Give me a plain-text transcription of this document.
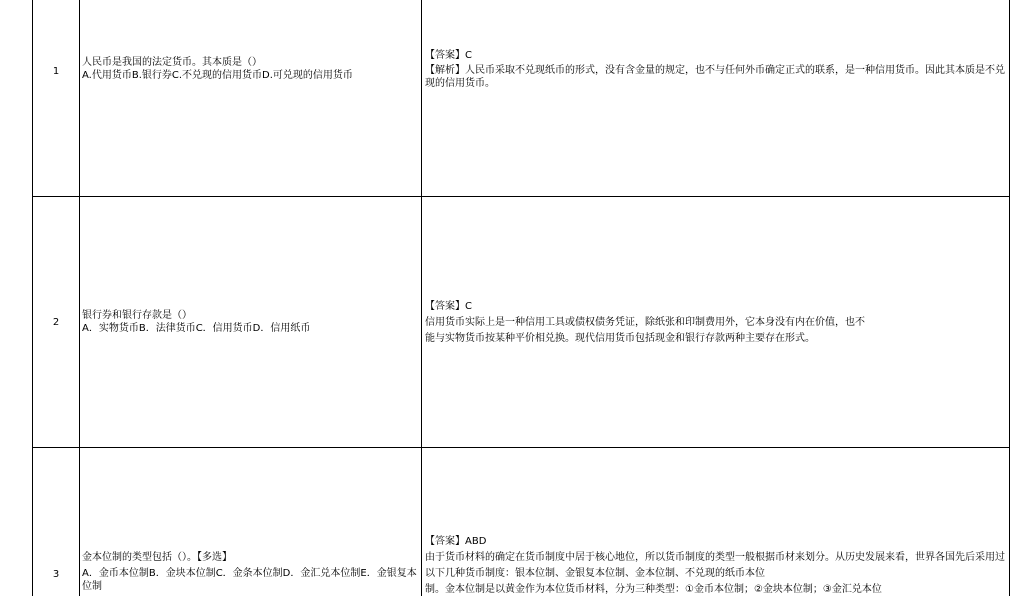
1
人民币是我国的法定货币。其本质是（）
A.代用货币B.银行券C.不兑现的信用货币D.可兑现的信用货币
【答案】C
【解析】人民币采取不兑现纸币的形式，没有含金量的规定，也不与任何外币确定正式的联系，是一种信用货币。因此其本质是不兑现的信用货币。
2
银行券和银行存款是（）
A．实物货币B．法律货币C．信用货币D．信用纸币
【答案】C
信用货币实际上是一种信用工具或债权债务凭证，除纸张和印制费用外，它本身没有内在价值，也不
能与实物货币按某种平价相兑换。现代信用货币包括现金和银行存款两种主要存在形式。
3
金本位制的类型包括（）。【多选】
A．金币本位制B．金块本位制C．金条本位制D．金汇兑本位制E．金银复本
位制
【答案】ABD
由于货币材料的确定在货币制度中居于核心地位，所以货币制度的类型一般根据币材来划分。从历史发展来看，世界各国先后采用过
以下几种货币制度：银本位制、金银复本位制、金本位制、不兑现的纸币本位
制。金本位制是以黄金作为本位货币材料，分为三种类型：①金币本位制；②金块本位制；③金汇兑本位
